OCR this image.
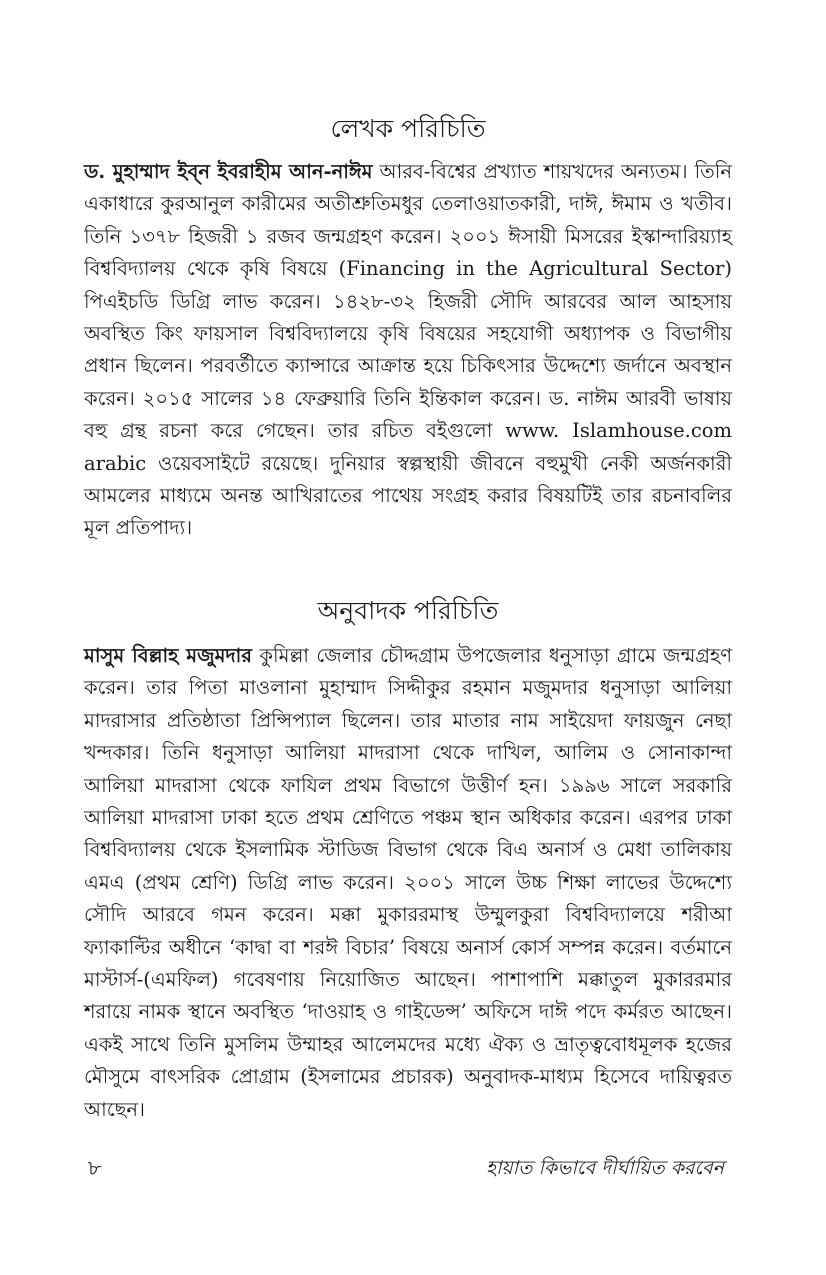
লেখক পরিচিতি

ড. মুহাম্মাদ ইব্‌ন ইবরাহীম আন-নাঈম আরব-বিশ্বের প্রখ্যাত শায়খদের অন্যতম। তিনি একাধারে কুরআনুল কারীমের অতীশ্রুতিমধুর তেলাওয়াতকারী, দাঈ, ঈমাম ও খতীব। তিনি ১৩৭৮ হিজরী ১ রজব জন্মগ্রহণ করেন। ২০০১ ঈসায়ী মিসরের ইস্কান্দারিয়্যাহ বিশ্ববিদ্যালয় থেকে কৃষি বিষয়ে (Financing in the Agricultural Sector) পিএইচডি ডিগ্রি লাভ করেন। ১৪২৮-৩২ হিজরী সৌদি আরবের আল আহসায় অবস্থিত কিং ফায়সাল বিশ্ববিদ্যালয়ে কৃষি বিষয়ের সহযোগী অধ্যাপক ও বিভাগীয় প্রধান ছিলেন। পরবর্তীতে ক্যান্সারে আক্রান্ত হয়ে চিকিৎসার উদ্দেশ্যে জর্দানে অবস্থান করেন। ২০১৫ সালের ১৪ ফেব্রুয়ারি তিনি ইন্তিকাল করেন। ড. নাঈম আরবী ভাষায় বহু গ্রন্থ রচনা করে গেছেন। তার রচিত বইগুলো www. Islamhouse.com arabic ওয়েবসাইটে রয়েছে। দুনিয়ার স্বল্পস্থায়ী জীবনে বহুমুখী নেকী অর্জনকারী আমলের মাধ্যমে অনন্ত আখিরাতের পাথেয় সংগ্রহ করার বিষয়টিই তার রচনাবলির মূল প্রতিপাদ্য।

অনুবাদক পরিচিতি

মাসুম বিল্লাহ মজুমদার কুমিল্লা জেলার চৌদ্দগ্রাম উপজেলার ধনুসাড়া গ্রামে জন্মগ্রহণ করেন। তার পিতা মাওলানা মুহাম্মাদ সিদ্দীকুর রহমান মজুমদার ধনুসাড়া আলিয়া মাদরাসার প্রতিষ্ঠাতা প্রিন্সিপ্যাল ছিলেন। তার মাতার নাম সাইয়েদা ফায়জুন নেছা খন্দকার। তিনি ধনুসাড়া আলিয়া মাদরাসা থেকে দাখিল, আলিম ও সোনাকান্দা আলিয়া মাদরাসা থেকে ফাযিল প্রথম বিভাগে উত্তীর্ণ হন। ১৯৯৬ সালে সরকারি আলিয়া মাদরাসা ঢাকা হতে প্রথম শ্রেণিতে পঞ্চম স্থান অধিকার করেন। এরপর ঢাকা বিশ্ববিদ্যালয় থেকে ইসলামিক স্টাডিজ বিভাগ থেকে বিএ অনার্স ও মেধা তালিকায় এমএ (প্রথম শ্রেণি) ডিগ্রি লাভ করেন। ২০০১ সালে উচ্চ শিক্ষা লাভের উদ্দেশ্যে সৌদি আরবে গমন করেন। মক্কা মুকাররমাস্থ উম্মুলকুরা বিশ্ববিদ্যালয়ে শরীআ ফ্যাকাল্টির অধীনে ‘কাদ্বা বা শরঈ বিচার’ বিষয়ে অনার্স কোর্স সম্পন্ন করেন। বর্তমানে মাস্টার্স-(এমফিল) গবেষণায় নিয়োজিত আছেন। পাশাপাশি মক্কাতুল মুকাররমার শরায়ে নামক স্থানে অবস্থিত ‘দাওয়াহ ও গাইডেন্স’ অফিসে দাঈ পদে কর্মরত আছেন। একই সাথে তিনি মুসলিম উম্মাহর আলেমদের মধ্যে ঐক্য ও ভ্রাতৃত্ববোধমূলক হজের মৌসুমে বাৎসরিক প্রোগ্রাম (ইসলামের প্রচারক) অনুবাদক-মাধ্যম হিসেবে দায়িত্বরত আছেন।

৮	হায়াত কিভাবে দীর্ঘায়িত করবেন
